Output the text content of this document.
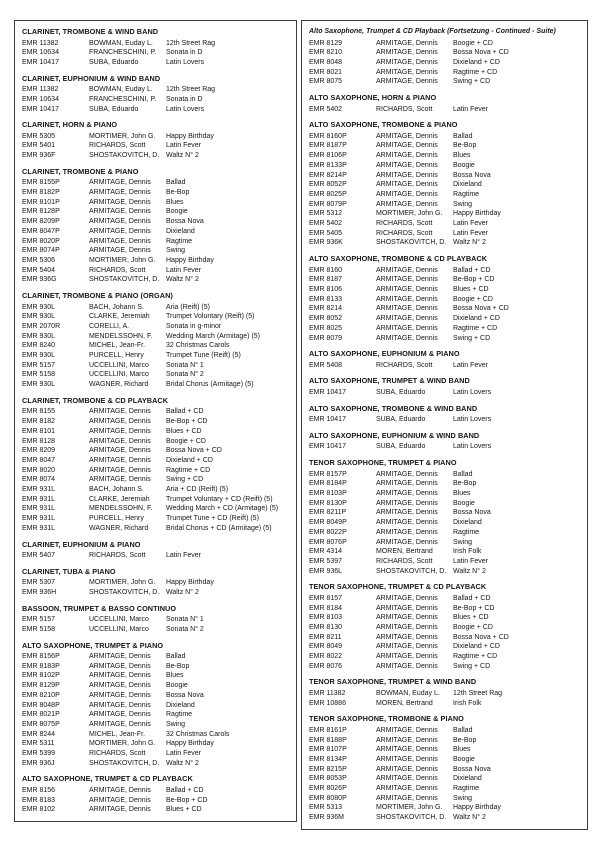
CLARINET, TROMBONE & WIND BAND
EMR 11382	BOWMAN, Euday L.	12th Street Rag
EMR 10634	FRANCHESCHINI, P.	Sonata in D
EMR 10417	SUBA, Eduardo	Latin Lovers
CLARINET, EUPHONIUM & WIND BAND
EMR 11382	BOWMAN, Euday L.	12th Street Rag
EMR 10634	FRANCHESCHINI, P.	Sonata in D
EMR 10417	SUBA, Eduardo	Latin Lovers
CLARINET, HORN & PIANO
EMR 5305	MORTIMER, John G.	Happy Birthday
EMR 5401	RICHARDS, Scott	Latin Fever
EMR 936F	SHOSTAKOVITCH, D. Waltz N° 2
CLARINET, TROMBONE & PIANO
EMR 8155P	ARMITAGE, Dennis	Ballad
EMR 8182P	ARMITAGE, Dennis	Be-Bop
EMR 8101P	ARMITAGE, Dennis	Blues
EMR 8128P	ARMITAGE, Dennis	Boogie
EMR 8209P	ARMITAGE, Dennis	Bossa Nova
EMR 8047P	ARMITAGE, Dennis	Dixieland
EMR 8020P	ARMITAGE, Dennis	Ragtime
EMR 8074P	ARMITAGE, Dennis	Swing
EMR 5306	MORTIMER, John G.	Happy Birthday
EMR 5404	RICHARDS, Scott	Latin Fever
EMR 936G	SHOSTAKOVITCH, D. Waltz N° 2
CLARINET, TROMBONE & PIANO (ORGAN)
EMR 930L	BACH, Johann S.	Aria (Reift) (5)
EMR 930L	CLARKE, Jeremiah	Trumpet Voluntary (Reift) (5)
EMR 2070R	CORELLI, A.	Sonata in g-minor
EMR 930L	MENDELSSOHN, F.	Wedding March (Armitage) (5)
EMR 8240	MICHEL, Jean-Fr.	32 Christmas Carols
EMR 930L	PURCELL, Henry	Trumpet Tune (Reift) (5)
EMR 5157	UCCELLINI, Marco	Sonata N° 1
EMR 5158	UCCELLINI, Marco	Sonata N° 2
EMR 930L	WAGNER, Richard	Bridal Chorus (Armitage) (5)
CLARINET, TROMBONE & CD PLAYBACK
EMR 8155	ARMITAGE, Dennis	Ballad + CD
EMR 8182	ARMITAGE, Dennis	Be-Bop + CD
EMR 8101	ARMITAGE, Dennis	Blues + CD
EMR 8128	ARMITAGE, Dennis	Boogie + CD
EMR 8209	ARMITAGE, Dennis	Bossa Nova + CD
EMR 8047	ARMITAGE, Dennis	Dixieland + CD
EMR 8020	ARMITAGE, Dennis	Ragtime + CD
EMR 8074	ARMITAGE, Dennis	Swing + CD
EMR 931L	BACH, Johann S.	Aria + CD (Reift) (5)
EMR 931L	CLARKE, Jeremiah	Trumpet Voluntary + CD (Reift) (5)
EMR 931L	MENDELSSOHN, F.	Wedding March + CD (Armitage) (5)
EMR 931L	PURCELL, Henry	Trumpet Tune + CD (Reift) (5)
EMR 931L	WAGNER, Richard	Bridal Chorus + CD (Armitage) (5)
CLARINET, EUPHONIUM & PIANO
EMR 5407	RICHARDS, Scott	Latin Fever
CLARINET, TUBA & PIANO
EMR 5307	MORTIMER, John G.	Happy Birthday
EMR 936H	SHOSTAKOVITCH, D. Waltz N° 2
BASSOON, TRUMPET & BASSO CONTINUO
EMR 5157	UCCELLINI, Marco	Sonata N° 1
EMR 5158	UCCELLINI, Marco	Sonata N° 2
ALTO SAXOPHONE, TRUMPET & PIANO
EMR 8156P	ARMITAGE, Dennis	Ballad
EMR 8183P	ARMITAGE, Dennis	Be-Bop
EMR 8102P	ARMITAGE, Dennis	Blues
EMR 8129P	ARMITAGE, Dennis	Boogie
EMR 8210P	ARMITAGE, Dennis	Bossa Nova
EMR 8048P	ARMITAGE, Dennis	Dixieland
EMR 8021P	ARMITAGE, Dennis	Ragtime
EMR 8075P	ARMITAGE, Dennis	Swing
EMR 8244	MICHEL, Jean-Fr.	32 Christmas Carols
EMR 5311	MORTIMER, John G.	Happy Birthday
EMR 5399	RICHARDS, Scott	Latin Fever
EMR 936J	SHOSTAKOVITCH, D. Waltz N° 2
ALTO SAXOPHONE, TRUMPET & CD PLAYBACK
EMR 8156	ARMITAGE, Dennis	Ballad + CD
EMR 8183	ARMITAGE, Dennis	Be-Bop + CD
EMR 8102	ARMITAGE, Dennis	Blues + CD
Alto Saxophone, Trumpet & CD Playback (Fortsetzung - Continued - Suite)
EMR 8129	ARMITAGE, Dennis	Boogie + CD
EMR 8210	ARMITAGE, Dennis	Bossa Nova + CD
EMR 8048	ARMITAGE, Dennis	Dixieland + CD
EMR 8021	ARMITAGE, Dennis	Ragtime + CD
EMR 8075	ARMITAGE, Dennis	Swing + CD
ALTO SAXOPHONE, HORN & PIANO
EMR 5402	RICHARDS, Scott	Latin Fever
ALTO SAXOPHONE, TROMBONE & PIANO
EMR 8160P	ARMITAGE, Dennis	Ballad
EMR 8187P	ARMITAGE, Dennis	Be-Bop
EMR 8106P	ARMITAGE, Dennis	Blues
EMR 8133P	ARMITAGE, Dennis	Boogie
EMR 8214P	ARMITAGE, Dennis	Bossa Nova
EMR 8052P	ARMITAGE, Dennis	Dixieland
EMR 8025P	ARMITAGE, Dennis	Ragtime
EMR 8079P	ARMITAGE, Dennis	Swing
EMR 5312	MORTIMER, John G.	Happy Birthday
EMR 5402	RICHARDS, Scott	Latin Fever
EMR 5405	RICHARDS, Scott	Latin Fever
EMR 936K	SHOSTAKOVITCH, D. Waltz N° 2
ALTO SAXOPHONE, TROMBONE & CD PLAYBACK
EMR 8160	ARMITAGE, Dennis	Ballad + CD
EMR 8187	ARMITAGE, Dennis	Be-Bop + CD
EMR 8106	ARMITAGE, Dennis	Blues + CD
EMR 8133	ARMITAGE, Dennis	Boogie + CD
EMR 8214	ARMITAGE, Dennis	Bossa Nova + CD
EMR 8052	ARMITAGE, Dennis	Dixieland + CD
EMR 8025	ARMITAGE, Dennis	Ragtime + CD
EMR 8079	ARMITAGE, Dennis	Swing + CD
ALTO SAXOPHONE, EUPHONIUM & PIANO
EMR 5408	RICHARDS, Scott	Latin Fever
ALTO SAXOPHONE, TRUMPET & WIND BAND
EMR 10417	SUBA, Eduardo	Latin Lovers
ALTO SAXOPHONE, TROMBONE & WIND BAND
EMR 10417	SUBA, Eduardo	Latin Lovers
ALTO SAXOPHONE, EUPHONIUM & WIND BAND
EMR 10417	SUBA, Eduardo	Latin Lovers
TENOR SAXOPHONE, TRUMPET & PIANO
EMR 8157P	ARMITAGE, Dennis	Ballad
EMR 8184P	ARMITAGE, Dennis	Be-Bop
EMR 8103P	ARMITAGE, Dennis	Blues
EMR 8130P	ARMITAGE, Dennis	Boogie
EMR 8211P	ARMITAGE, Dennis	Bossa Nova
EMR 8049P	ARMITAGE, Dennis	Dixieland
EMR 8022P	ARMITAGE, Dennis	Ragtime
EMR 8076P	ARMITAGE, Dennis	Swing
EMR 4314	MOREN, Bertrand	Irish Folk
EMR 5397	RICHARDS, Scott	Latin Fever
EMR 936L	SHOSTAKOVITCH, D. Waltz N° 2
TENOR SAXOPHONE, TRUMPET & CD PLAYBACK
EMR 8157	ARMITAGE, Dennis	Ballad + CD
EMR 8184	ARMITAGE, Dennis	Be-Bop + CD
EMR 8103	ARMITAGE, Dennis	Blues + CD
EMR 8130	ARMITAGE, Dennis	Boogie + CD
EMR 8211	ARMITAGE, Dennis	Bossa Nova + CD
EMR 8049	ARMITAGE, Dennis	Dixieland + CD
EMR 8022	ARMITAGE, Dennis	Ragtime + CD
EMR 8076	ARMITAGE, Dennis	Swing + CD
TENOR SAXOPHONE, TRUMPET & WIND BAND
EMR 11382	BOWMAN, Euday L.	12th Street Rag
EMR 10886	MOREN, Bertrand	Irish Folk
TENOR SAXOPHONE, TROMBONE & PIANO
EMR 8161P	ARMITAGE, Dennis	Ballad
EMR 8188P	ARMITAGE, Dennis	Be-Bop
EMR 8107P	ARMITAGE, Dennis	Blues
EMR 8134P	ARMITAGE, Dennis	Boogie
EMR 8215P	ARMITAGE, Dennis	Bossa Nova
EMR 8053P	ARMITAGE, Dennis	Dixieland
EMR 8026P	ARMITAGE, Dennis	Ragtime
EMR 8080P	ARMITAGE, Dennis	Swing
EMR 5313	MORTIMER, John G.	Happy Birthday
EMR 936M	SHOSTAKOVITCH, D. Waltz N° 2
